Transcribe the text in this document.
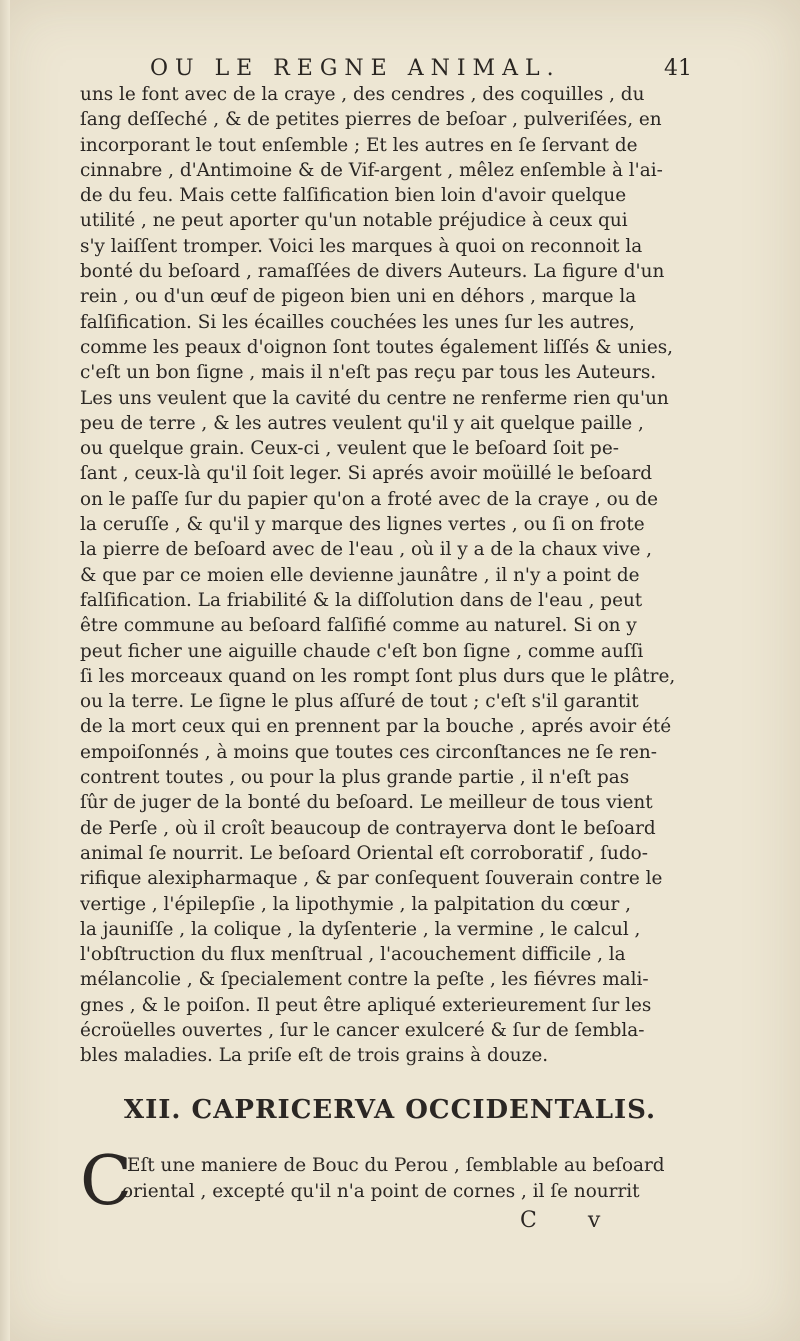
OU LE REGNE ANIMAL.	41

uns le font avec de la craye , des cendres , des coquilles , du
ſang deſſeché , & de petites pierres de beſoar , pulveriſées, en
incorporant le tout enſemble ; Et les autres en ſe ſervant de
cinnabre , d'Antimoine & de Vif-argent , mêlez enſemble à l'ai-
de du feu. Mais cette falſification bien loin d'avoir quelque
utilité , ne peut aporter qu'un notable préjudice à ceux qui
s'y laiſſent tromper. Voici les marques à quoi on reconnoit la
bonté du beſoard , ramaſſées de divers Auteurs. La figure d'un
rein , ou d'un œuf de pigeon bien uni en déhors , marque la
falſification. Si les écailles couchées les unes ſur les autres,
comme les peaux d'oignon ſont toutes également liſſés & unies,
c'eſt un bon ſigne , mais il n'eſt pas reçu par tous les Auteurs.
Les uns veulent que la cavité du centre ne renferme rien qu'un
peu de terre , & les autres veulent qu'il y ait quelque paille ,
ou quelque grain. Ceux-ci , veulent que le beſoard ſoit pe-
ſant , ceux-là qu'il ſoit leger. Si aprés avoir moüillé le beſoard
on le paſſe ſur du papier qu'on a froté avec de la craye , ou de
la ceruſſe , & qu'il y marque des lignes vertes , ou ſi on frote
la pierre de beſoard avec de l'eau , où il y a de la chaux vive ,
& que par ce moien elle devienne jaunâtre , il n'y a point de
falſification. La friabilité & la diſſolution dans de l'eau , peut
être commune au beſoard falſifié comme au naturel. Si on y
peut ficher une aiguille chaude c'eſt bon ſigne , comme auſſi
ſi les morceaux quand on les rompt ſont plus durs que le plâtre,
ou la terre. Le ſigne le plus aſſuré de tout ; c'eſt s'il garantit
de la mort ceux qui en prennent par la bouche , aprés avoir été
empoiſonnés , à moins que toutes ces circonſtances ne ſe ren-
contrent toutes , ou pour la plus grande partie , il n'eſt pas
ſûr de juger de la bonté du beſoard. Le meilleur de tous vient
de Perſe , où il croît beaucoup de contrayerva dont le beſoard
animal ſe nourrit. Le beſoard Oriental eſt corroboratif , ſudo-
rifique alexipharmaque , & par conſequent ſouverain contre le
vertige , l'épilepſie , la lipothymie , la palpitation du cœur ,
la jauniſſe , la colique , la dyſenterie , la vermine , le calcul ,
l'obſtruction du flux menſtrual , l'acouchement difficile , la
mélancolie , & ſpecialement contre la peſte , les fiévres mali-
gnes , & le poiſon. Il peut être apliqué exterieurement ſur les
écroüelles ouvertes , ſur le cancer exulceré & ſur de ſembla-
bles maladies. La priſe eſt de trois grains à douze.

XII. CAPRICERVA OCCIDENTALIS.
C

'Eſt une maniere de Bouc du Perou , ſemblable au beſoard
oriental , excepté qu'il n'a point de cornes , il ſe nourrit

C v
